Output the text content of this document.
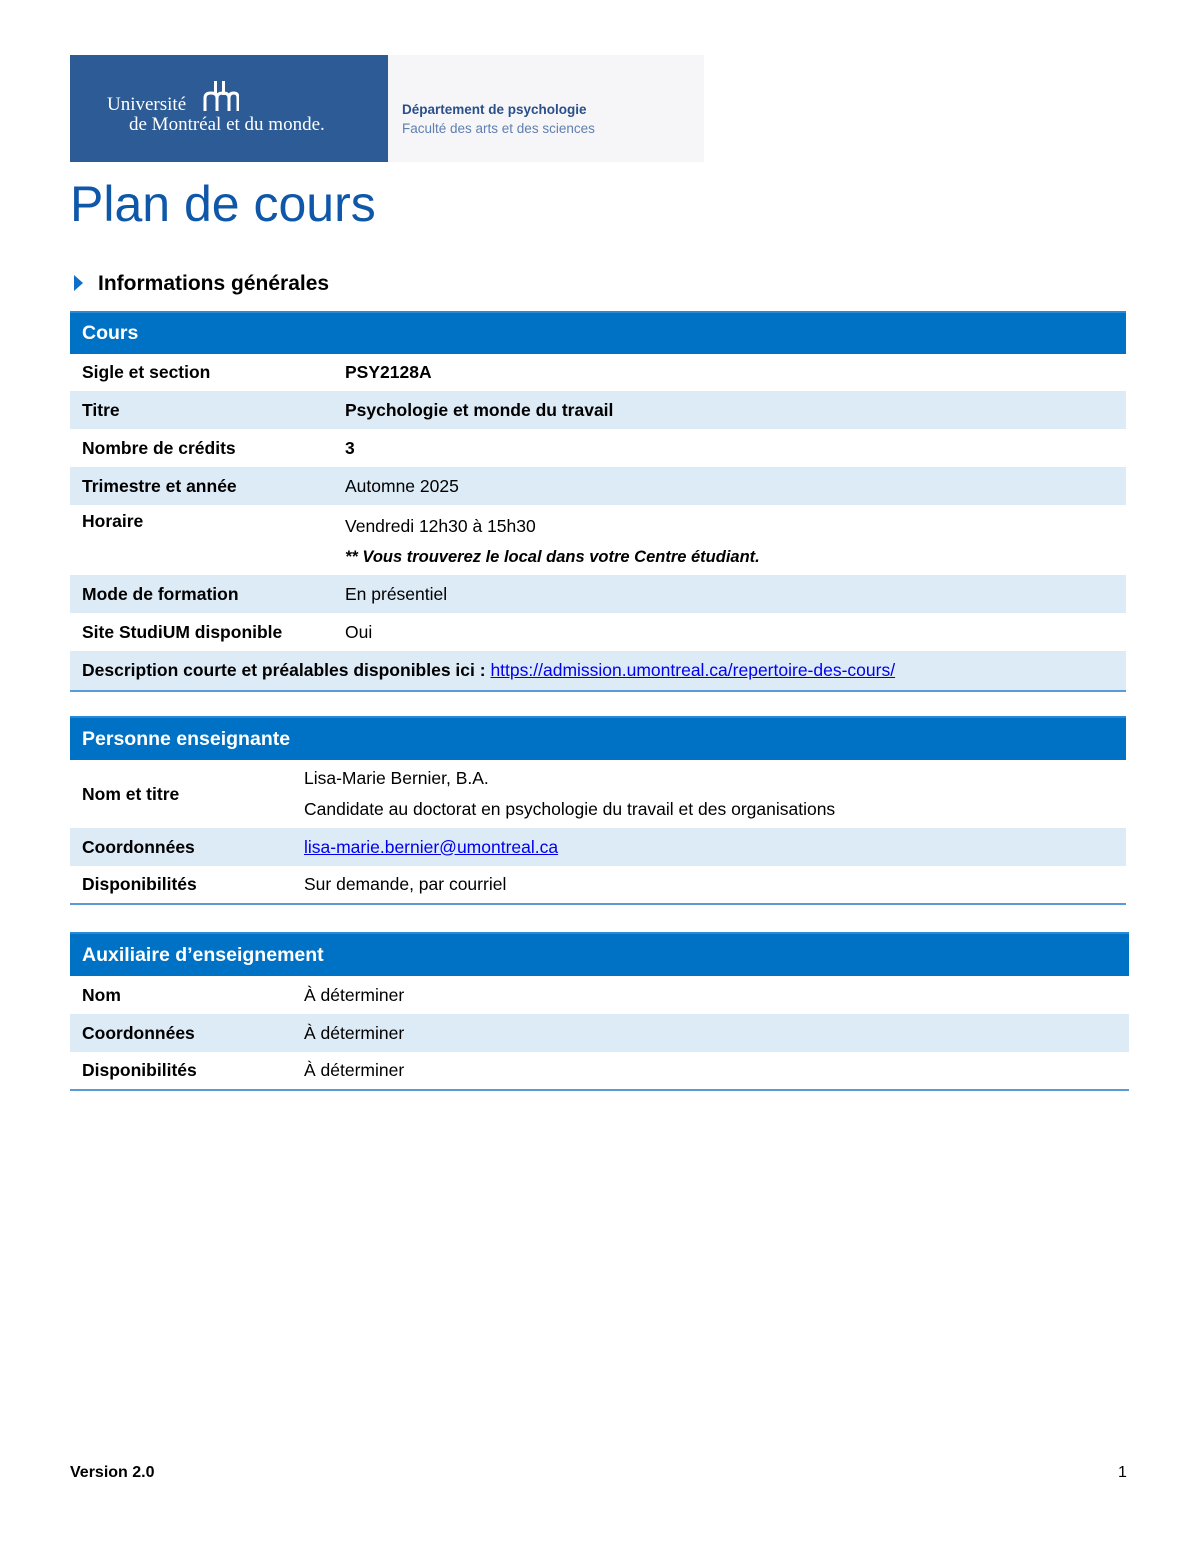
Université
de Montréal et du monde.
Département de psychologie
Faculté des arts et des sciences
Plan de cours
Informations générales
Cours	
Sigle et section	PSY2128A
Titre	Psychologie et monde du travail
Nombre de crédits	3
Trimestre et année	Automne 2025
Horaire	Vendredi 12h30 à 15h30
** Vous trouverez le local dans votre Centre étudiant.

Mode de formation	En présentiel
Site StudiUM disponible	Oui
Description courte et préalables disponibles ici : https://admission.umontreal.ca/repertoire-des-cours/	
Personne enseignante	
Nom et titre	Lisa-Marie Bernier, B.A.
Candidate au doctorat en psychologie du travail et des organisations

Coordonnées	lisa-marie.bernier@umontreal.ca
Disponibilités	Sur demande, par courriel
Auxiliaire d’enseignement	
Nom	À déterminer
Coordonnées	À déterminer
Disponibilités	À déterminer
Version 2.0	1
